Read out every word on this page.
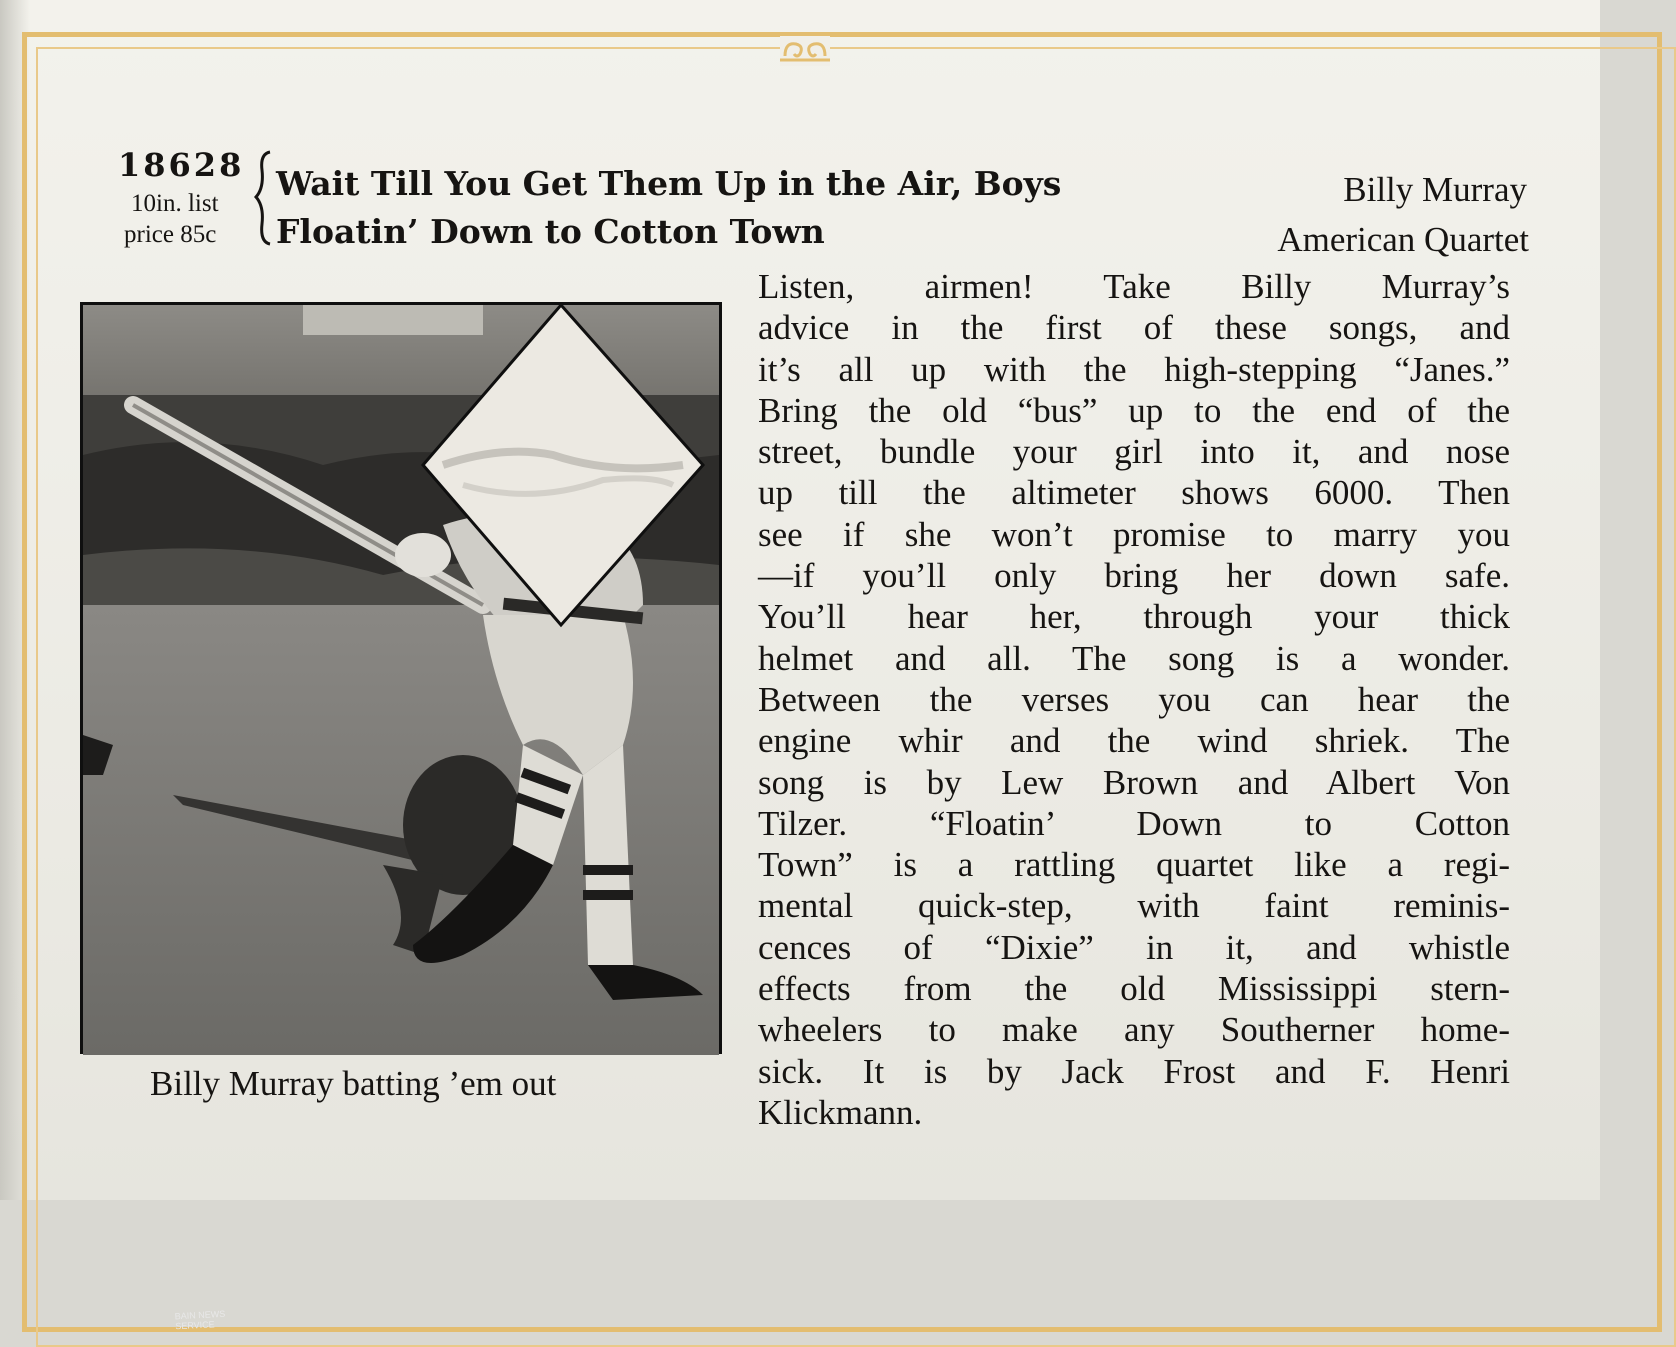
18628
10in. list
price 85c
Wait Till You Get Them Up in the Air, Boys
Floatin’ Down to Cotton Town
Billy Murray
American Quartet
BAIN NEWS
SERVICE
Billy Murray batting ’em out
Listen, airmen! Take Billy Murray’s
advice in the first of these songs, and
it’s all up with the high-stepping “Janes.”
Bring the old “bus” up to the end of the
street, bundle your girl into it, and nose
up till the altimeter shows 6000. Then
see if she won’t promise to marry you
—if you’ll only bring her down safe.
You’ll hear her, through your thick
helmet and all. The song is a wonder.
Between the verses you can hear the
engine whir and the wind shriek. The
song is by Lew Brown and Albert Von
Tilzer. “Floatin’ Down to Cotton
Town” is a rattling quartet like a regi-
mental quick-step, with faint reminis-
cences of “Dixie” in it, and whistle
effects from the old Mississippi stern-
wheelers to make any Southerner home-
sick. It is by Jack Frost and F. Henri
Klickmann.
